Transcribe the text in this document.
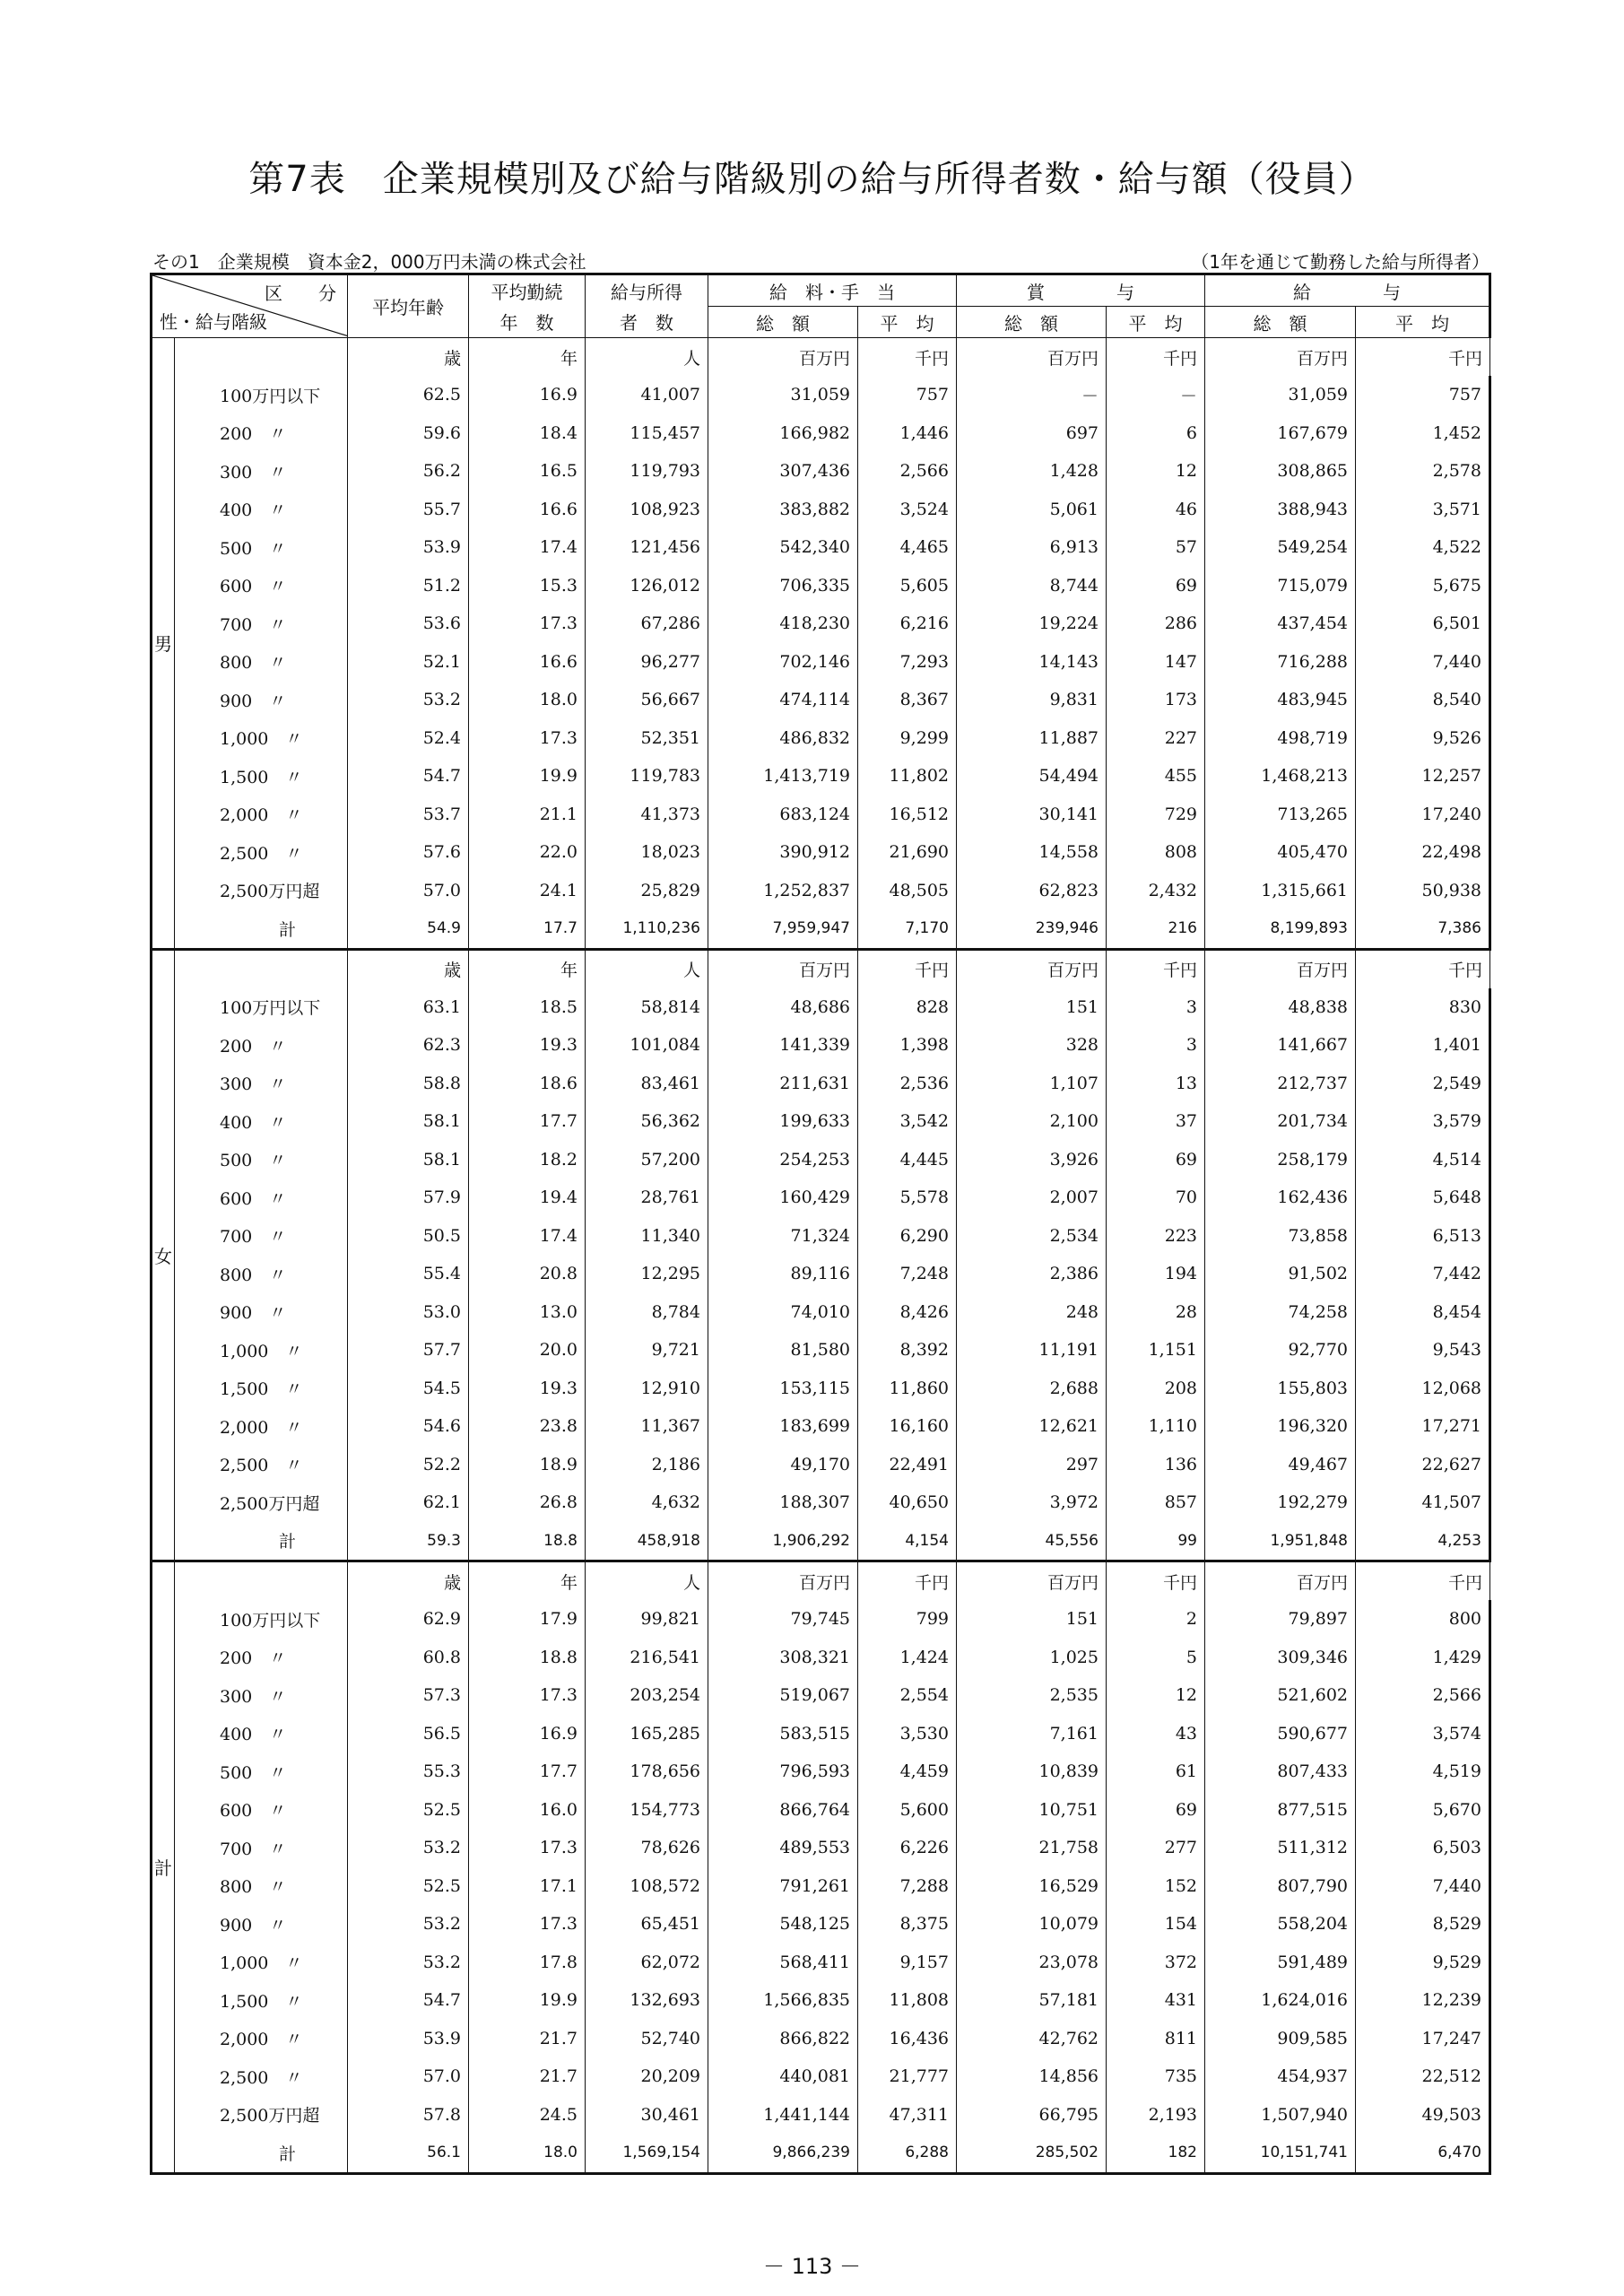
第7表　企業規模別及び給与階級別の給与所得者数・給与額（役員）
その1　企業規模　資本金2，000万円未満の株式会社	（1年を通じて勤務した給与所得者）
区　　分
性・給与階級		平均年齢	平均勤続	給与所得	給　料・手　当		賞　　　　与		給　　　　与	
			年　数	者　数	総　額	平　均	総　額	平　均	総　額	平　均
男		歳	年	人	百万円	千円	百万円	千円	百万円	千円
	100万円以下	62.5	16.9	41,007	31,059	757	－	－	31,059	757
	200　〃	59.6	18.4	115,457	166,982	1,446	697	6	167,679	1,452
	300　〃	56.2	16.5	119,793	307,436	2,566	1,428	12	308,865	2,578
	400　〃	55.7	16.6	108,923	383,882	3,524	5,061	46	388,943	3,571
	500　〃	53.9	17.4	121,456	542,340	4,465	6,913	57	549,254	4,522
	600　〃	51.2	15.3	126,012	706,335	5,605	8,744	69	715,079	5,675
	700　〃	53.6	17.3	67,286	418,230	6,216	19,224	286	437,454	6,501
	800　〃	52.1	16.6	96,277	702,146	7,293	14,143	147	716,288	7,440
	900　〃	53.2	18.0	56,667	474,114	8,367	9,831	173	483,945	8,540
	1,000　〃	52.4	17.3	52,351	486,832	9,299	11,887	227	498,719	9,526
	1,500　〃	54.7	19.9	119,783	1,413,719	11,802	54,494	455	1,468,213	12,257
	2,000　〃	53.7	21.1	41,373	683,124	16,512	30,141	729	713,265	17,240
	2,500　〃	57.6	22.0	18,023	390,912	21,690	14,558	808	405,470	22,498
	2,500万円超	57.0	24.1	25,829	1,252,837	48,505	62,823	2,432	1,315,661	50,938
	計	54.9	17.7	1,110,236	7,959,947	7,170	239,946	216	8,199,893	7,386
女		歳	年	人	百万円	千円	百万円	千円	百万円	千円
	100万円以下	63.1	18.5	58,814	48,686	828	151	3	48,838	830
	200　〃	62.3	19.3	101,084	141,339	1,398	328	3	141,667	1,401
	300　〃	58.8	18.6	83,461	211,631	2,536	1,107	13	212,737	2,549
	400　〃	58.1	17.7	56,362	199,633	3,542	2,100	37	201,734	3,579
	500　〃	58.1	18.2	57,200	254,253	4,445	3,926	69	258,179	4,514
	600　〃	57.9	19.4	28,761	160,429	5,578	2,007	70	162,436	5,648
	700　〃	50.5	17.4	11,340	71,324	6,290	2,534	223	73,858	6,513
	800　〃	55.4	20.8	12,295	89,116	7,248	2,386	194	91,502	7,442
	900　〃	53.0	13.0	8,784	74,010	8,426	248	28	74,258	8,454
	1,000　〃	57.7	20.0	9,721	81,580	8,392	11,191	1,151	92,770	9,543
	1,500　〃	54.5	19.3	12,910	153,115	11,860	2,688	208	155,803	12,068
	2,000　〃	54.6	23.8	11,367	183,699	16,160	12,621	1,110	196,320	17,271
	2,500　〃	52.2	18.9	2,186	49,170	22,491	297	136	49,467	22,627
	2,500万円超	62.1	26.8	4,632	188,307	40,650	3,972	857	192,279	41,507
	計	59.3	18.8	458,918	1,906,292	4,154	45,556	99	1,951,848	4,253
計		歳	年	人	百万円	千円	百万円	千円	百万円	千円
	100万円以下	62.9	17.9	99,821	79,745	799	151	2	79,897	800
	200　〃	60.8	18.8	216,541	308,321	1,424	1,025	5	309,346	1,429
	300　〃	57.3	17.3	203,254	519,067	2,554	2,535	12	521,602	2,566
	400　〃	56.5	16.9	165,285	583,515	3,530	7,161	43	590,677	3,574
	500　〃	55.3	17.7	178,656	796,593	4,459	10,839	61	807,433	4,519
	600　〃	52.5	16.0	154,773	866,764	5,600	10,751	69	877,515	5,670
	700　〃	53.2	17.3	78,626	489,553	6,226	21,758	277	511,312	6,503
	800　〃	52.5	17.1	108,572	791,261	7,288	16,529	152	807,790	7,440
	900　〃	53.2	17.3	65,451	548,125	8,375	10,079	154	558,204	8,529
	1,000　〃	53.2	17.8	62,072	568,411	9,157	23,078	372	591,489	9,529
	1,500　〃	54.7	19.9	132,693	1,566,835	11,808	57,181	431	1,624,016	12,239
	2,000　〃	53.9	21.7	52,740	866,822	16,436	42,762	811	909,585	17,247
	2,500　〃	57.0	21.7	20,209	440,081	21,777	14,856	735	454,937	22,512
	2,500万円超	57.8	24.5	30,461	1,441,144	47,311	66,795	2,193	1,507,940	49,503
	計	56.1	18.0	1,569,154	9,866,239	6,288	285,502	182	10,151,741	6,470
－ 113 －
